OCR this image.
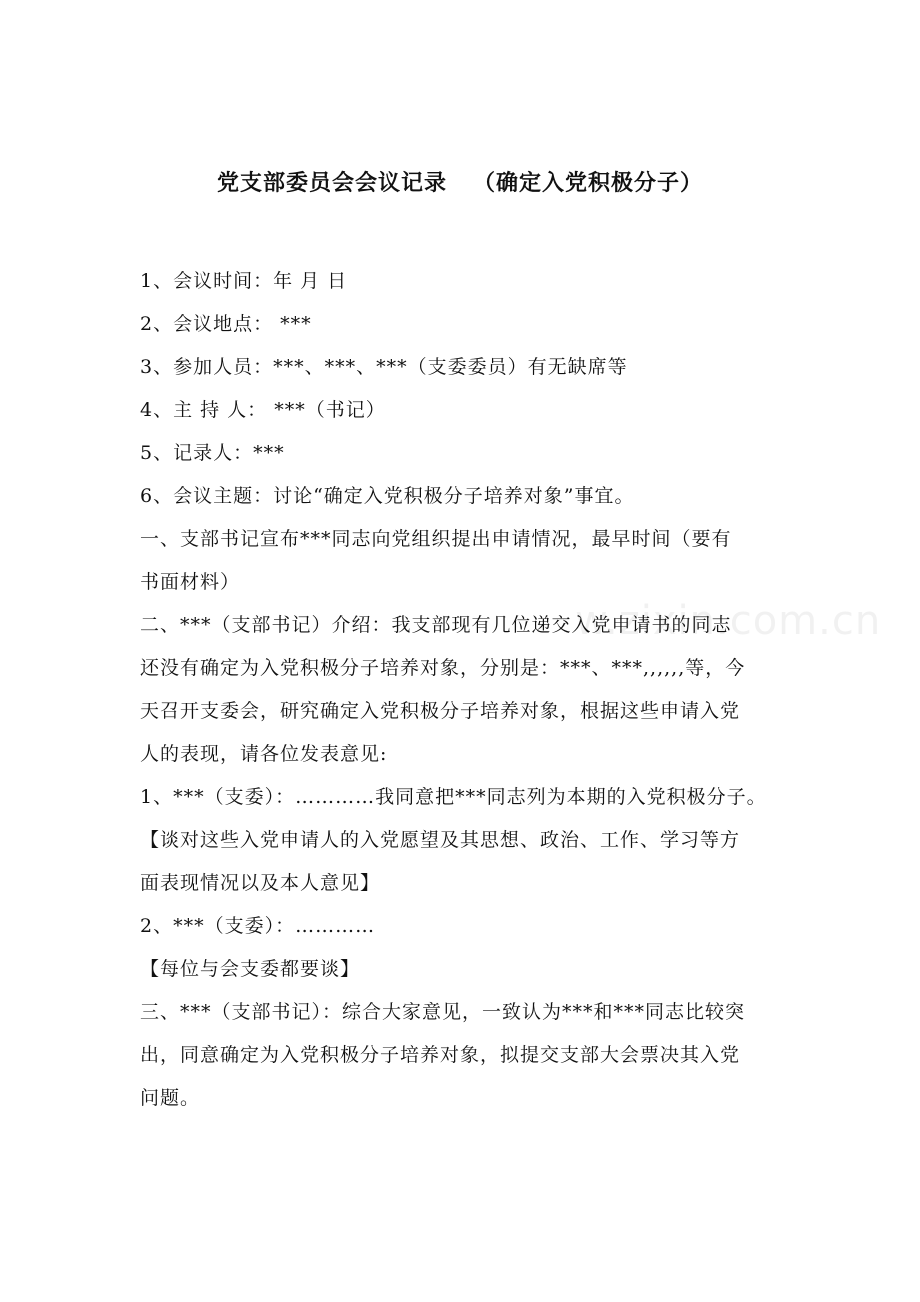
w.zixin.com.cn
党支部委员会会议记录   （确定入党积极分子）
1、会议时间：年 月 日
2、会议地点： ***
3、参加人员：***、***、***（支委委员）有无缺席等
4、主 持 人： ***（书记）
5、记录人：***
6、会议主题：讨论“确定入党积极分子培养对象”事宜。
一、支部书记宣布***同志向党组织提出申请情况，最早时间（要有
书面材料）
二、***（支部书记）介绍：我支部现有几位递交入党申请书的同志
还没有确定为入党积极分子培养对象，分别是：***、***,,,,,,等，今
天召开支委会，研究确定入党积极分子培养对象，根据这些申请入党
人的表现，请各位发表意见:
1、***（支委）：…………我同意把***同志列为本期的入党积极分子。
【谈对这些入党申请人的入党愿望及其思想、政治、工作、学习等方
面表现情况以及本人意见】
2、***（支委）：…………
【每位与会支委都要谈】
三、***（支部书记）：综合大家意见，一致认为***和***同志比较突
出，同意确定为入党积极分子培养对象，拟提交支部大会票决其入党
问题。
